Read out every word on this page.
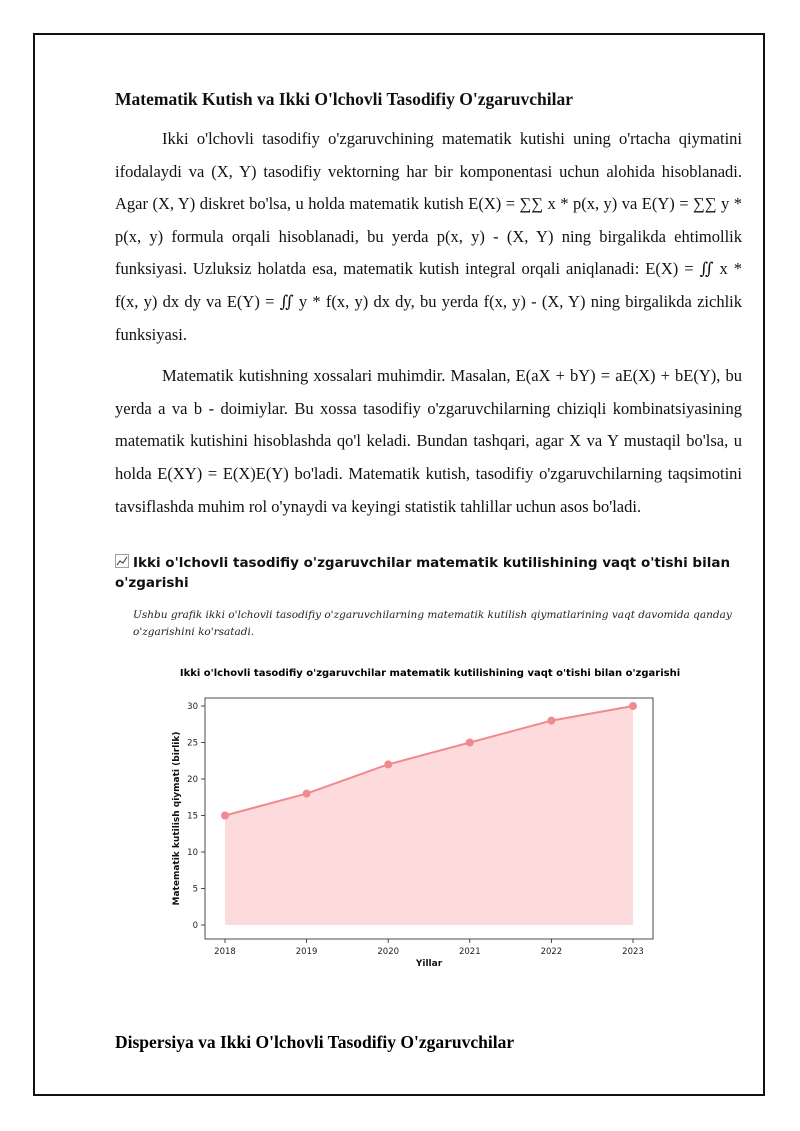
Matematik Kutish va Ikki O'lchovli Tasodifiy O'zgaruvchilar

Ikki o'lchovli tasodifiy o'zgaruvchining matematik kutishi uning o'rtacha qiymatini ifodalaydi va (X, Y) tasodifiy vektorning har bir komponentasi uchun alohida hisoblanadi. Agar (X, Y) diskret bo'lsa, u holda matematik kutish E(X) = ∑∑ x * p(x, y) va E(Y) = ∑∑ y * p(x, y) formula orqali hisoblanadi, bu yerda p(x, y) - (X, Y) ning birgalikda ehtimollik funksiyasi. Uzluksiz holatda esa, matematik kutish integral orqali aniqlanadi: E(X) = ∬ x * f(x, y) dx dy va E(Y) = ∬ y * f(x, y) dx dy, bu yerda f(x, y) - (X, Y) ning birgalikda zichlik funksiyasi.

Matematik kutishning xossalari muhimdir. Masalan, E(aX + bY) = aE(X) + bE(Y), bu yerda a va b - doimiylar. Bu xossa tasodifiy o'zgaruvchilarning chiziqli kombinatsiyasining matematik kutishini hisoblashda qo'l keladi. Bundan tashqari, agar X va Y mustaqil bo'lsa, u holda E(XY) = E(X)E(Y) bo'ladi. Matematik kutish, tasodifiy o'zgaruvchilarning taqsimotini tavsiflashda muhim rol o'ynaydi va keyingi statistik tahlillar uchun asos bo'ladi.

Ikki o'lchovli tasodifiy o'zgaruvchilar matematik kutilishining vaqt o'tishi bilan o'zgarishi
Ushbu grafik ikki o'lchovli tasodifiy o'zgaruvchilarning matematik kutilish qiymatlarining vaqt davomida qanday o'zgarishini ko'rsatadi.
Ikki o'lchovli tasodifiy o'zgaruvchilar matematik kutilishining vaqt o'tishi bilan o'zgarishi
2018	2019	2020	2021	2022	2023
0
5
10
15
20
25
30
Yillar
Matematik kutilish qiymati (birlik)
Dispersiya va Ikki O'lchovli Tasodifiy O'zgaruvchilar
